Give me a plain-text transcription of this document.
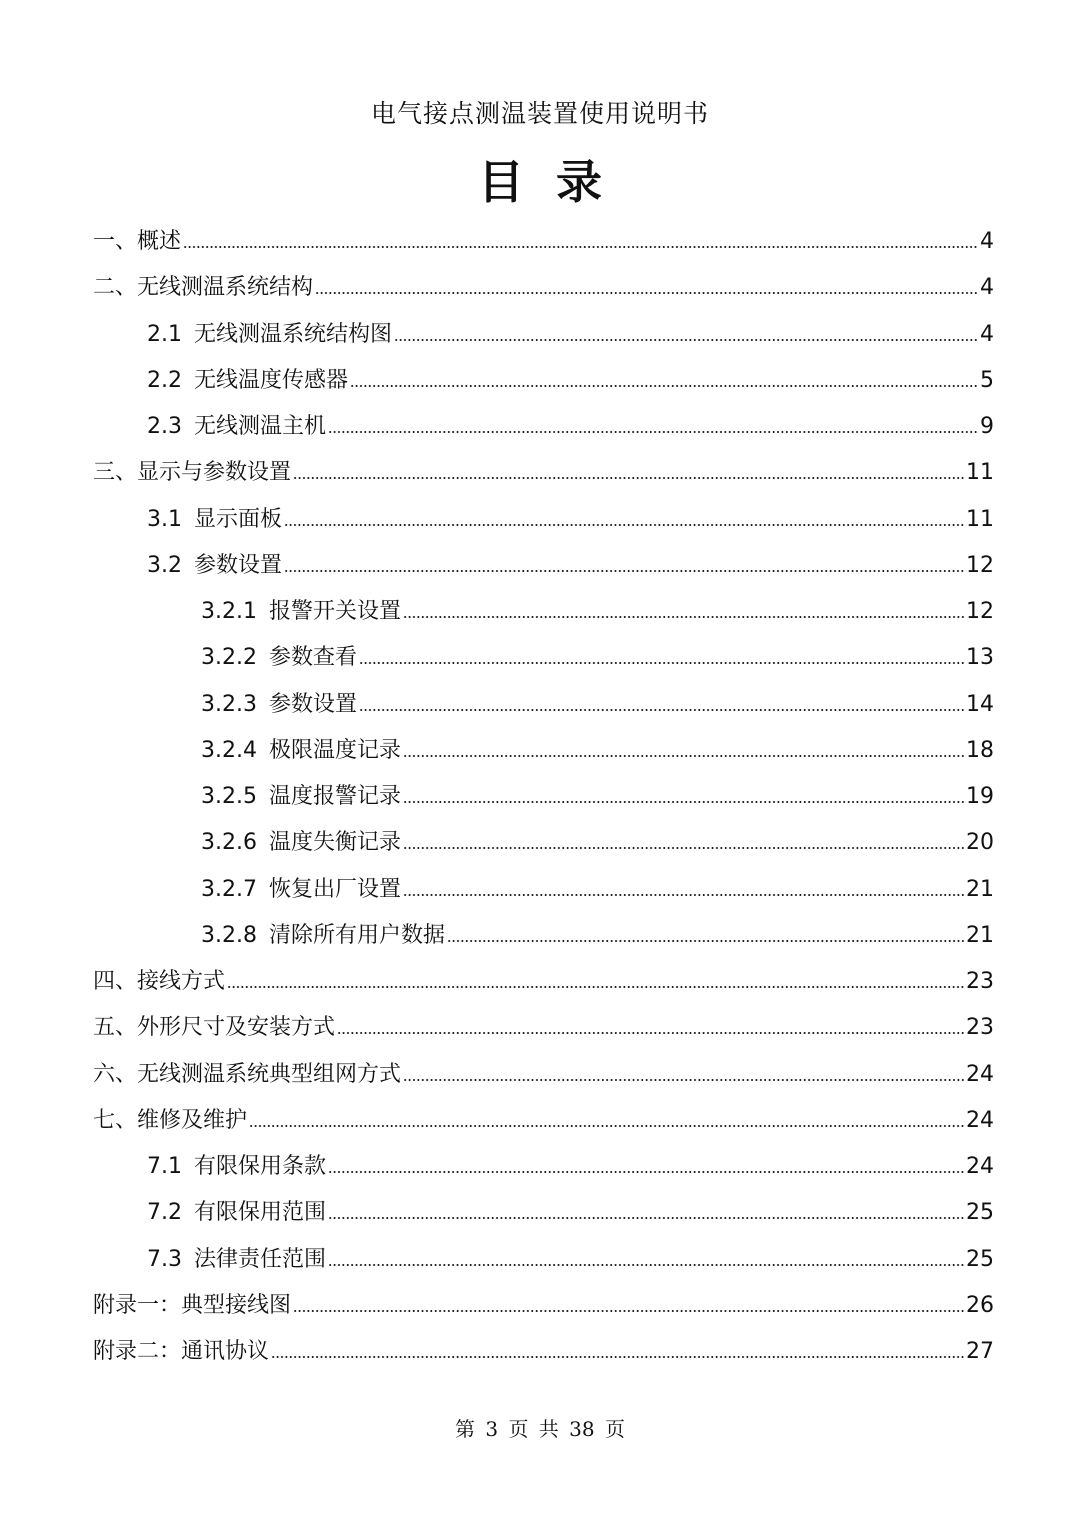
电气接点测温装置使用说明书
目录
一、概述	4
二、无线测温系统结构	4
2.1 无线测温系统结构图	4
2.2 无线温度传感器	5
2.3 无线测温主机	9
三、显示与参数设置	11
3.1 显示面板	11
3.2 参数设置	12
3.2.1 报警开关设置	12
3.2.2 参数查看	13
3.2.3 参数设置	14
3.2.4 极限温度记录	18
3.2.5 温度报警记录	19
3.2.6 温度失衡记录	20
3.2.7 恢复出厂设置	21
3.2.8 清除所有用户数据	21
四、接线方式	23
五、外形尺寸及安装方式	23
六、无线测温系统典型组网方式	24
七、维修及维护	24
7.1 有限保用条款	24
7.2 有限保用范围	25
7.3 法律责任范围	25
附录一：典型接线图	26
附录二：通讯协议	27
第 3 页 共 38 页
